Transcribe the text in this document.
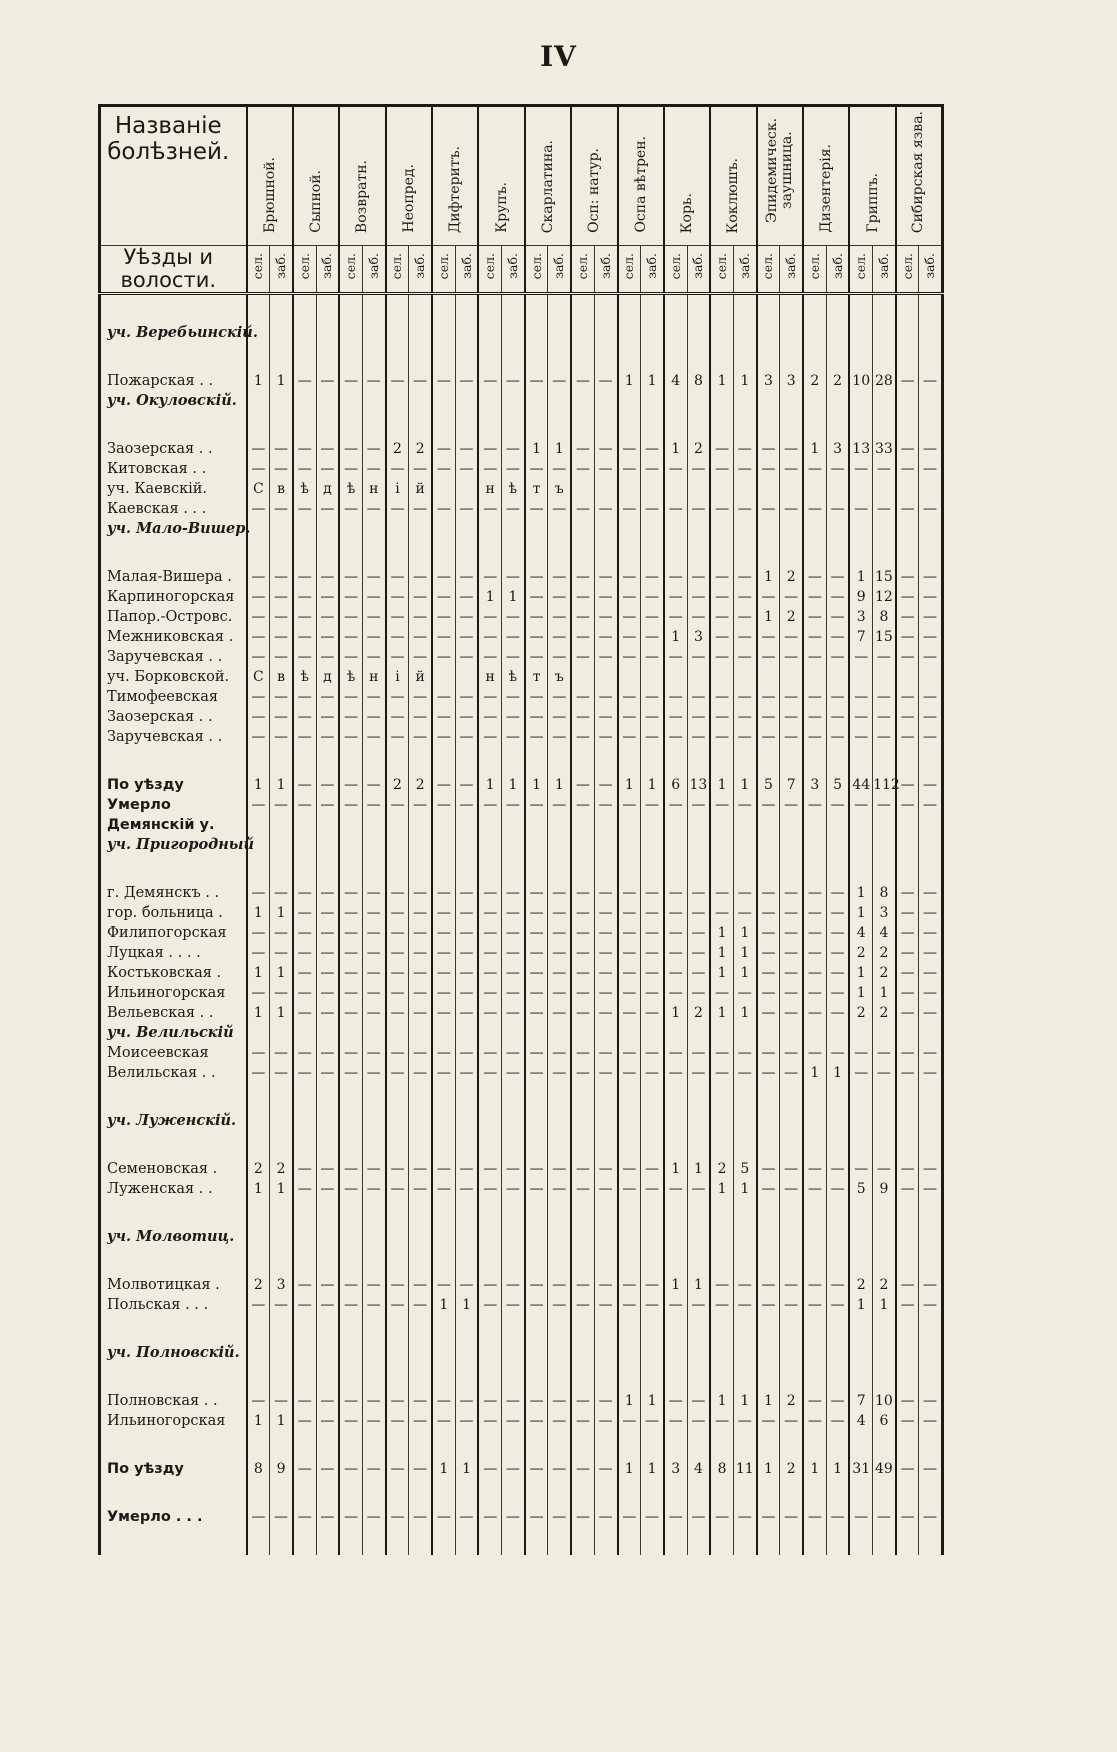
IV
Названіе
болѣзней.	Брюшной.		Сыпной.		Возвратн.		Неопред.		Дифтеритъ.		Крупъ.		Скарлатина.		Осп: натур.		Оспа вѣтрен.		Корь.		Коклюшъ.		Эпидемическ. заушница.		Дизентерія.		Гриппъ.		Сибирская язва.	

Уѣзды и
волости.	сел.	заб.	сел.	заб.	сел.	заб.	сел.	заб.	сел.	заб.	сел.	заб.	сел.	заб.	сел.	заб.	сел.	заб.	сел.	заб.	сел.	заб.	сел.	заб.	сел.	заб.	сел.	заб.	сел.	заб.

уч. Веребьинскій.																														

Пожарская . .	1	1	—	—	—	—	—	—	—	—	—	—	—	—	—	—	1	1	4	8	1	1	3	3	2	2	10	28	—	—
уч. Окуловскій.																														

Заозерская . .	—	—	—	—	—	—	2	2	—	—	—	—	1	1	—	—	—	—	1	2	—	—	—	—	1	3	13	33	—	—
Китовская . .	—	—	—	—	—	—	—	—	—	—	—	—	—	—	—	—	—	—	—	—	—	—	—	—	—	—	—	—	—	—
уч. Каевскій.	С	в	ѣ	д	ѣ	н	і	й			н	ѣ	т	ъ																
Каевская . . .	—	—	—	—	—	—	—	—	—	—	—	—	—	—	—	—	—	—	—	—	—	—	—	—	—	—	—	—	—	—
уч. Мало-Вишер.																														

Малая-Вишера .	—	—	—	—	—	—	—	—	—	—	—	—	—	—	—	—	—	—	—	—	—	—	1	2	—	—	1	15	—	—
Карпиногорская	—	—	—	—	—	—	—	—	—	—	1	1	—	—	—	—	—	—	—	—	—	—	—	—	—	—	9	12	—	—
Папор.-Островс.	—	—	—	—	—	—	—	—	—	—	—	—	—	—	—	—	—	—	—	—	—	—	1	2	—	—	3	8	—	—
Межниковская .	—	—	—	—	—	—	—	—	—	—	—	—	—	—	—	—	—	—	1	3	—	—	—	—	—	—	7	15	—	—
Заручевская . .	—	—	—	—	—	—	—	—	—	—	—	—	—	—	—	—	—	—	—	—	—	—	—	—	—	—	—	—	—	—
уч. Борковской.	С	в	ѣ	д	ѣ	н	і	й			н	ѣ	т	ъ																
Тимофеевская	—	—	—	—	—	—	—	—	—	—	—	—	—	—	—	—	—	—	—	—	—	—	—	—	—	—	—	—	—	—
Заозерская . .	—	—	—	—	—	—	—	—	—	—	—	—	—	—	—	—	—	—	—	—	—	—	—	—	—	—	—	—	—	—
Заручевская . .	—	—	—	—	—	—	—	—	—	—	—	—	—	—	—	—	—	—	—	—	—	—	—	—	—	—	—	—	—	—

По уѣзду	1	1	—	—	—	—	2	2	—	—	1	1	1	1	—	—	1	1	6	13	1	1	5	7	3	5	44	112	—	—
Умерло	—	—	—	—	—	—	—	—	—	—	—	—	—	—	—	—	—	—	—	—	—	—	—	—	—	—	—	—	—	—
Демянскій у.																														
уч. Пригородный																														

г. Демянскъ . .	—	—	—	—	—	—	—	—	—	—	—	—	—	—	—	—	—	—	—	—	—	—	—	—	—	—	1	8	—	—
гор. больница .	1	1	—	—	—	—	—	—	—	—	—	—	—	—	—	—	—	—	—	—	—	—	—	—	—	—	1	3	—	—
Филипогорская	—	—	—	—	—	—	—	—	—	—	—	—	—	—	—	—	—	—	—	—	1	1	—	—	—	—	4	4	—	—
Луцкая . . . .	—	—	—	—	—	—	—	—	—	—	—	—	—	—	—	—	—	—	—	—	1	1	—	—	—	—	2	2	—	—
Костьковская .	1	1	—	—	—	—	—	—	—	—	—	—	—	—	—	—	—	—	—	—	1	1	—	—	—	—	1	2	—	—
Ильиногорская	—	—	—	—	—	—	—	—	—	—	—	—	—	—	—	—	—	—	—	—	—	—	—	—	—	—	1	1	—	—
Вельевская . .	1	1	—	—	—	—	—	—	—	—	—	—	—	—	—	—	—	—	1	2	1	1	—	—	—	—	2	2	—	—
уч. Велильскій																														
Моисеевская	—	—	—	—	—	—	—	—	—	—	—	—	—	—	—	—	—	—	—	—	—	—	—	—	—	—	—	—	—	—
Велильская . .	—	—	—	—	—	—	—	—	—	—	—	—	—	—	—	—	—	—	—	—	—	—	—	—	1	1	—	—	—	—

уч. Луженскій.																														

Семеновская .	2	2	—	—	—	—	—	—	—	—	—	—	—	—	—	—	—	—	1	1	2	5	—	—	—	—	—	—	—	—
Луженская . .	1	1	—	—	—	—	—	—	—	—	—	—	—	—	—	—	—	—	—	—	1	1	—	—	—	—	5	9	—	—

уч. Молвотиц.																														

Молвотицкая .	2	3	—	—	—	—	—	—	—	—	—	—	—	—	—	—	—	—	1	1	—	—	—	—	—	—	2	2	—	—
Польская . . .	—	—	—	—	—	—	—	—	1	1	—	—	—	—	—	—	—	—	—	—	—	—	—	—	—	—	1	1	—	—

уч. Полновскій.																														

Полновская . .	—	—	—	—	—	—	—	—	—	—	—	—	—	—	—	—	1	1	—	—	1	1	1	2	—	—	7	10	—	—
Ильиногорская	1	1	—	—	—	—	—	—	—	—	—	—	—	—	—	—	—	—	—	—	—	—	—	—	—	—	4	6	—	—

По уѣзду	8	9	—	—	—	—	—	—	1	1	—	—	—	—	—	—	1	1	3	4	8	11	1	2	1	1	31	49	—	—

Умерло . . .	—	—	—	—	—	—	—	—	—	—	—	—	—	—	—	—	—	—	—	—	—	—	—	—	—	—	—	—	—	—
